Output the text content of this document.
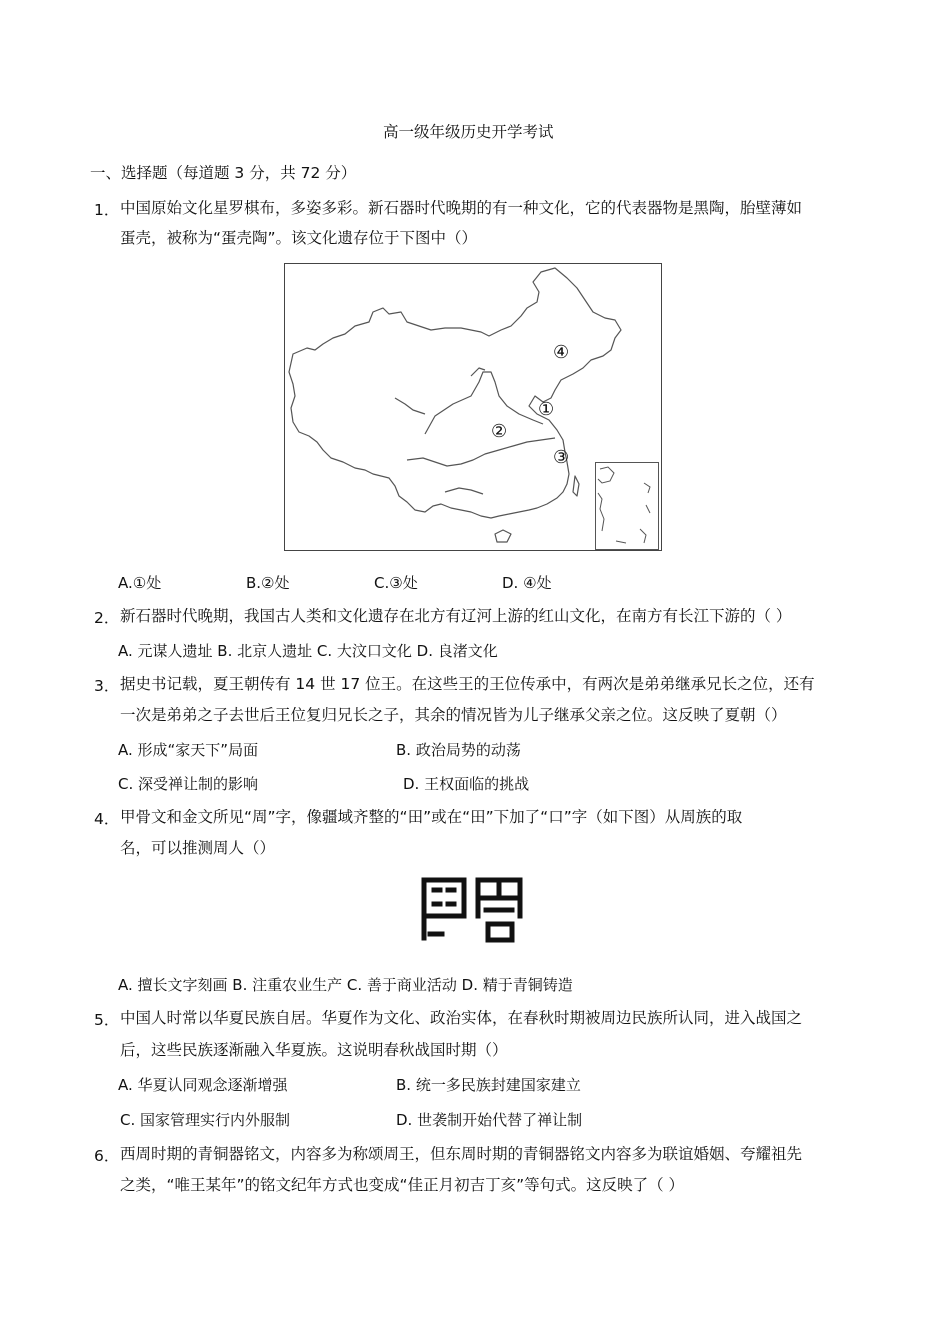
高一级年级历史开学考试
一、选择题（每道题 3 分，共 72 分）
1． 中国原始文化星罗棋布，多姿多彩。新石器时代晚期的有一种文化，它的代表器物是黑陶，胎壁薄如
蛋壳，被称为“蛋壳陶”。该文化遗存位于下图中（）
④
①
②
③
A.①处	B.②处	C.③处	D. ④处
2． 新石器时代晚期，我国古人类和文化遗存在北方有辽河上游的红山文化，在南方有长江下游的（ ）
A. 元谋人遗址 B. 北京人遗址 C. 大汶口文化 D. 良渚文化
3． 据史书记载，夏王朝传有 14 世 17 位王。在这些王的王位传承中，有两次是弟弟继承兄长之位，还有
一次是弟弟之子去世后王位复归兄长之子，其余的情况皆为儿子继承父亲之位。这反映了夏朝（）
A. 形成“家天下”局面	B. 政治局势的动荡
C. 深受禅让制的影响	D. 王权面临的挑战
4． 甲骨文和金文所见“周”字，像疆域齐整的“田”或在“田”下加了“口”字（如下图）从周族的取
名，可以推测周人（）
A. 擅长文字刻画 B. 注重农业生产 C. 善于商业活动 D. 精于青铜铸造
5． 中国人时常以华夏民族自居。华夏作为文化、政治实体，在春秋时期被周边民族所认同，进入战国之
后，这些民族逐渐融入华夏族。这说明春秋战国时期（）
A. 华夏认同观念逐渐增强	B. 统一多民族封建国家建立
C. 国家管理实行内外服制	D. 世袭制开始代替了禅让制
6． 西周时期的青铜器铭文，内容多为称颂周王，但东周时期的青铜器铭文内容多为联谊婚姻、夸耀祖先
之类，“唯王某年”的铭文纪年方式也变成“佳正月初吉丁亥”等句式。这反映了（ ）
